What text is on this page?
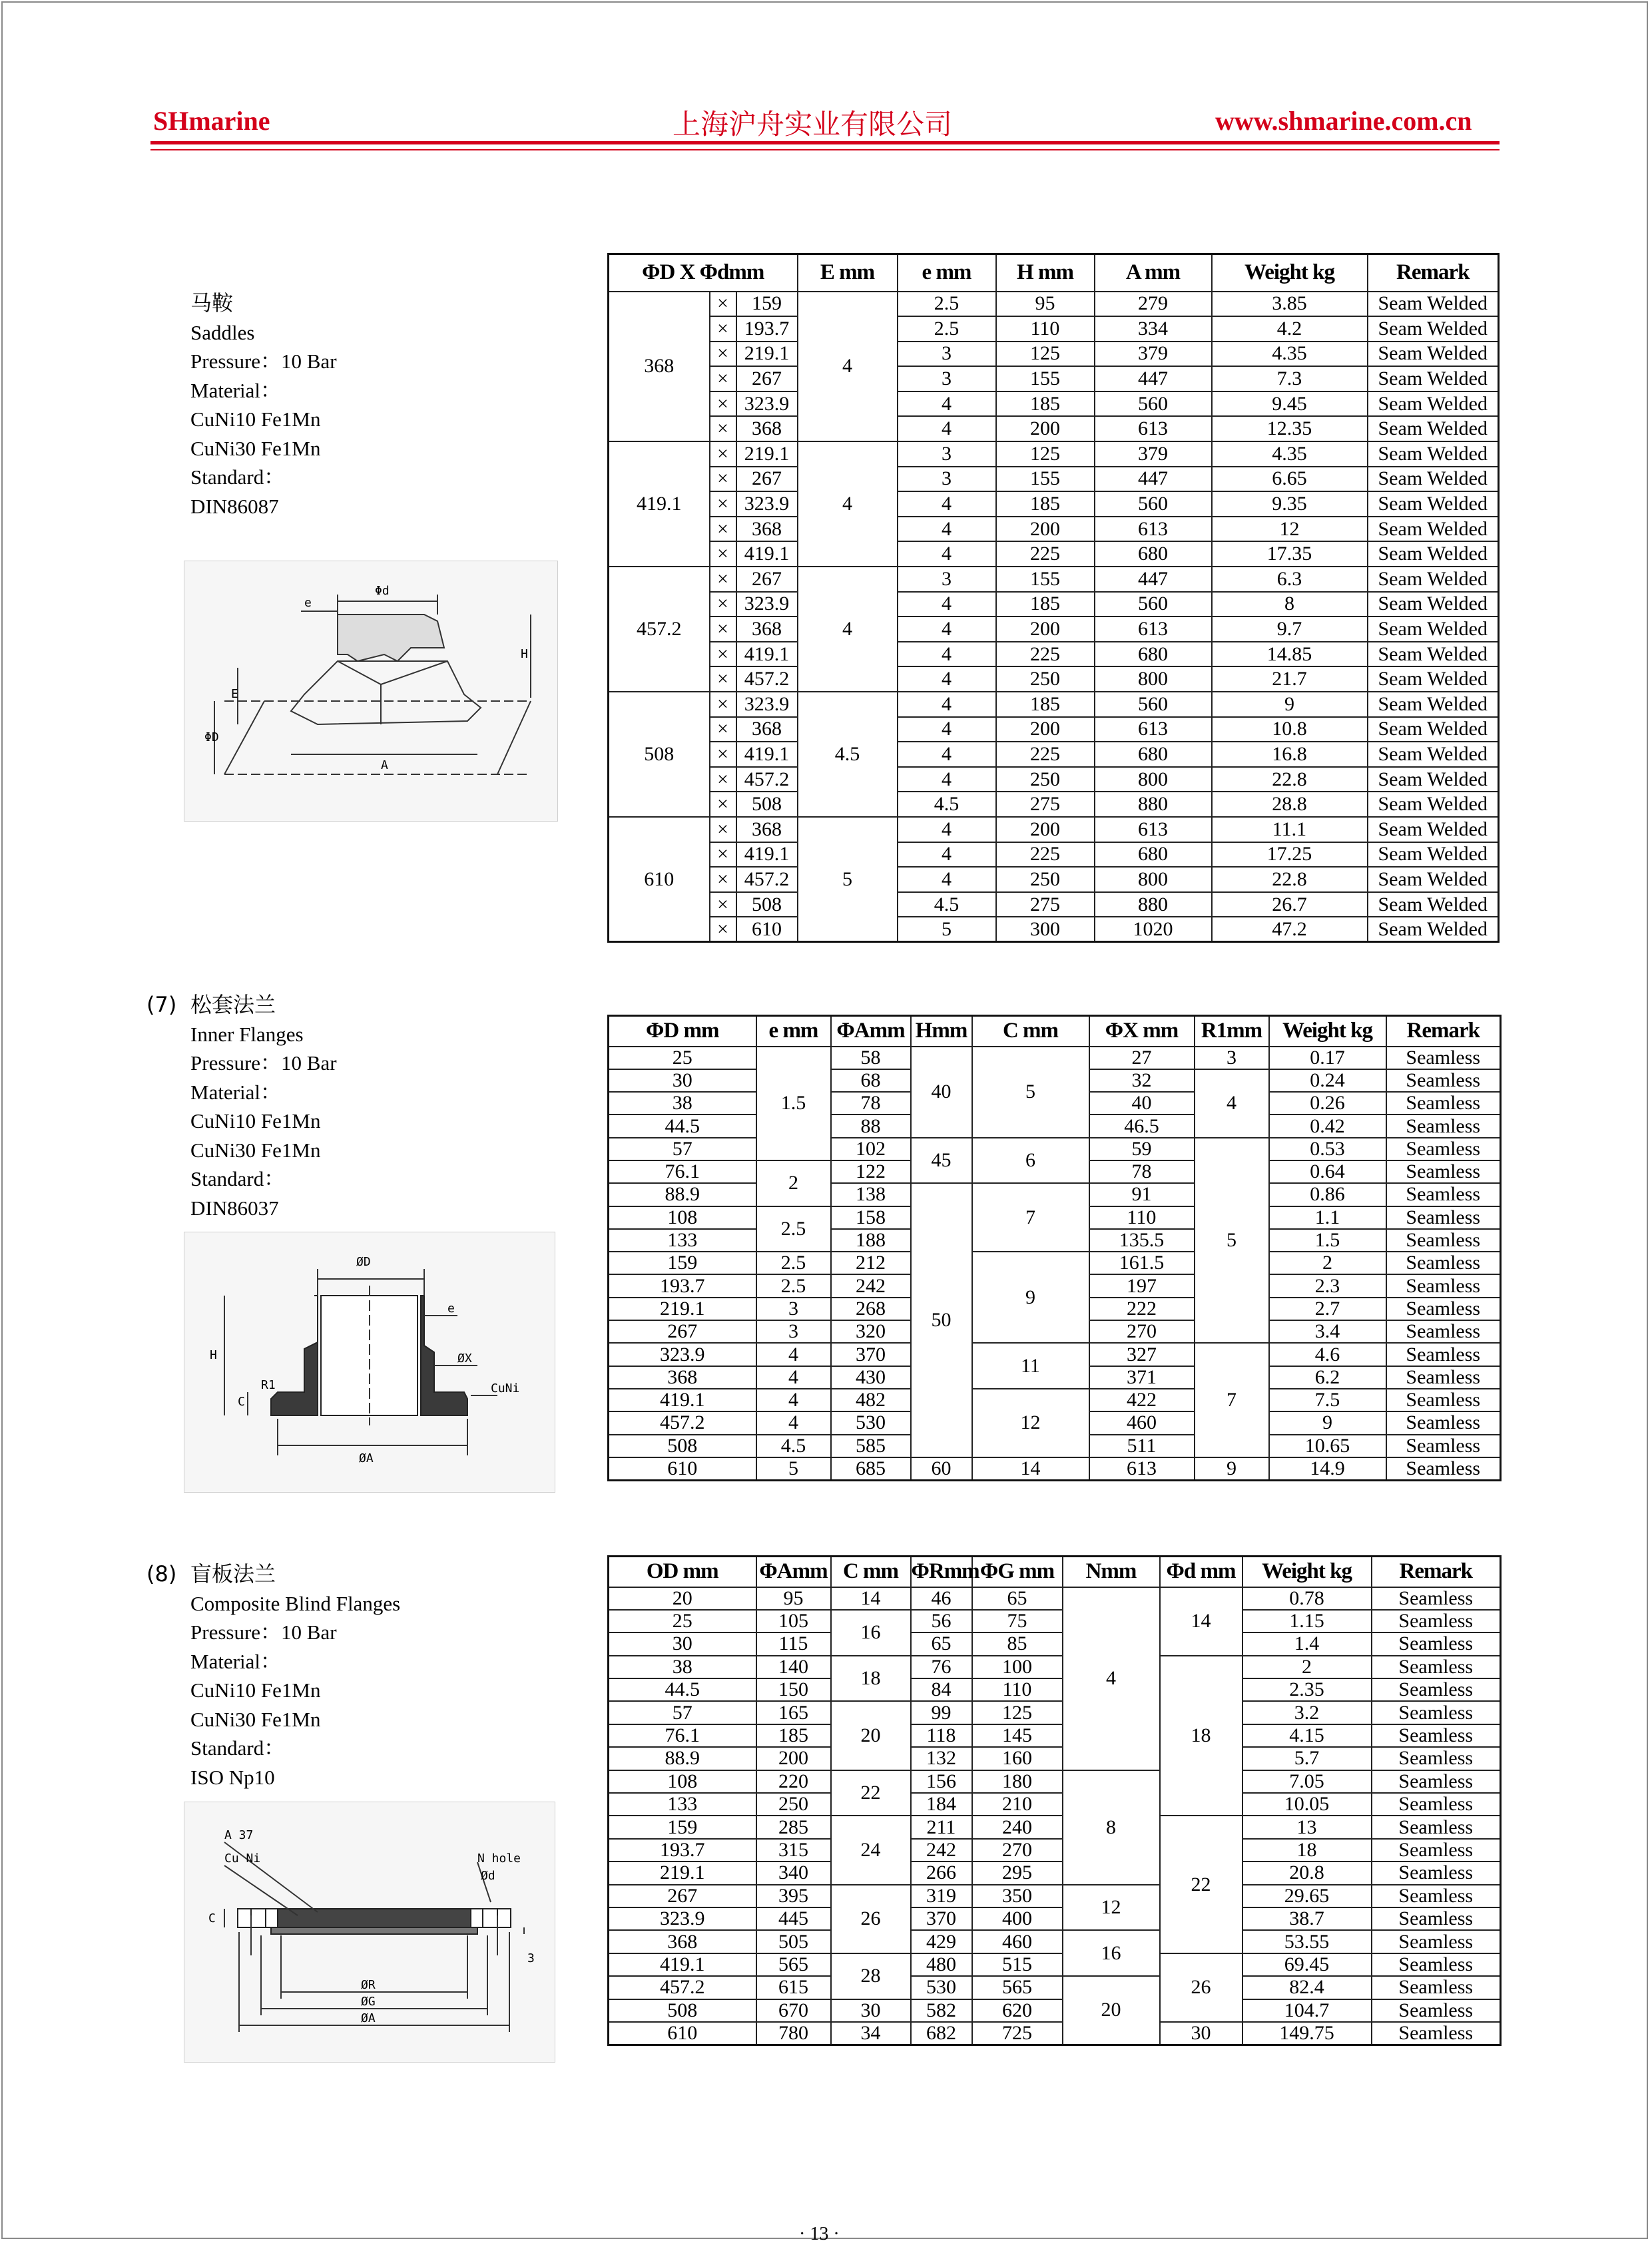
SHmarine	上海沪舟实业有限公司	www.shmarine.com.cn
马鞍
Saddles
Pressure：10 Bar
Material：
CuNi10 Fe1Mn
CuNi30 Fe1Mn
Standard：
DIN86087
Φd
e
E
H
ΦD
A
ΦD X Φdmm			E mm	e mm	H mm	A mm	Weight kg	Remark
368	×	159	4	2.5	95	279	3.85	Seam Welded
	×	193.7		2.5	110	334	4.2	Seam Welded
	×	219.1		3	125	379	4.35	Seam Welded
	×	267		3	155	447	7.3	Seam Welded
	×	323.9		4	185	560	9.45	Seam Welded
	×	368		4	200	613	12.35	Seam Welded
419.1	×	219.1	4	3	125	379	4.35	Seam Welded
	×	267		3	155	447	6.65	Seam Welded
	×	323.9		4	185	560	9.35	Seam Welded
	×	368		4	200	613	12	Seam Welded
	×	419.1		4	225	680	17.35	Seam Welded
457.2	×	267	4	3	155	447	6.3	Seam Welded
	×	323.9		4	185	560	8	Seam Welded
	×	368		4	200	613	9.7	Seam Welded
	×	419.1		4	225	680	14.85	Seam Welded
	×	457.2		4	250	800	21.7	Seam Welded
508	×	323.9	4.5	4	185	560	9	Seam Welded
	×	368		4	200	613	10.8	Seam Welded
	×	419.1		4	225	680	16.8	Seam Welded
	×	457.2		4	250	800	22.8	Seam Welded
	×	508		4.5	275	880	28.8	Seam Welded
610	×	368	5	4	200	613	11.1	Seam Welded
	×	419.1		4	225	680	17.25	Seam Welded
	×	457.2		4	250	800	22.8	Seam Welded
	×	508		4.5	275	880	26.7	Seam Welded
	×	610		5	300	1020	47.2	Seam Welded
(7) 松套法兰
Inner Flanges
Pressure：10 Bar
Material：
CuNi10 Fe1Mn
CuNi30 Fe1Mn
Standard：
DIN86037
ØD
e
H	ØX
C
R1	CuNi
ØA
ΦD mm	e mm	ΦAmm	Hmm	C mm	ΦX mm	R1mm	Weight kg	Remark
25	1.5	58	40	5	27	3	0.17	Seamless
30		68			32	4	0.24	Seamless
38		78			40		0.26	Seamless
44.5		88			46.5		0.42	Seamless
57		102	45	6	59	5	0.53	Seamless
76.1	2	122			78		0.64	Seamless
88.9		138	50	7	91		0.86	Seamless
108	2.5	158			110		1.1	Seamless
133		188			135.5		1.5	Seamless
159	2.5	212		9	161.5		2	Seamless
193.7	2.5	242			197		2.3	Seamless
219.1	3	268			222		2.7	Seamless
267	3	320			270		3.4	Seamless
323.9	4	370		11	327	7	4.6	Seamless
368	4	430			371		6.2	Seamless
419.1	4	482		12	422		7.5	Seamless
457.2	4	530			460		9	Seamless
508	4.5	585			511		10.65	Seamless
610	5	685	60	14	613	9	14.9	Seamless
(8) 盲板法兰
Composite Blind Flanges
Pressure：10 Bar
Material：
CuNi10 Fe1Mn
CuNi30 Fe1Mn
Standard：
ISO Np10
A 37
Cu Ni	N hole
Ød
C
3
ØR
ØG
ØA
OD mm	ΦAmm	C mm	ΦRmm	ΦG mm	Nmm	Φd mm	Weight kg	Remark
20	95	14	46	65	4	14	0.78	Seamless
25	105	16	56	75			1.15	Seamless
30	115		65	85			1.4	Seamless
38	140	18	76	100		18	2	Seamless
44.5	150		84	110			2.35	Seamless
57	165	20	99	125			3.2	Seamless
76.1	185		118	145			4.15	Seamless
88.9	200		132	160			5.7	Seamless
108	220	22	156	180	8		7.05	Seamless
133	250		184	210			10.05	Seamless
159	285	24	211	240		22	13	Seamless
193.7	315		242	270			18	Seamless
219.1	340		266	295			20.8	Seamless
267	395	26	319	350	12		29.65	Seamless
323.9	445		370	400			38.7	Seamless
368	505		429	460	16		53.55	Seamless
419.1	565	28	480	515		26	69.45	Seamless
457.2	615		530	565	20		82.4	Seamless
508	670	30	582	620			104.7	Seamless
610	780	34	682	725		30	149.75	Seamless
· 13 ·
